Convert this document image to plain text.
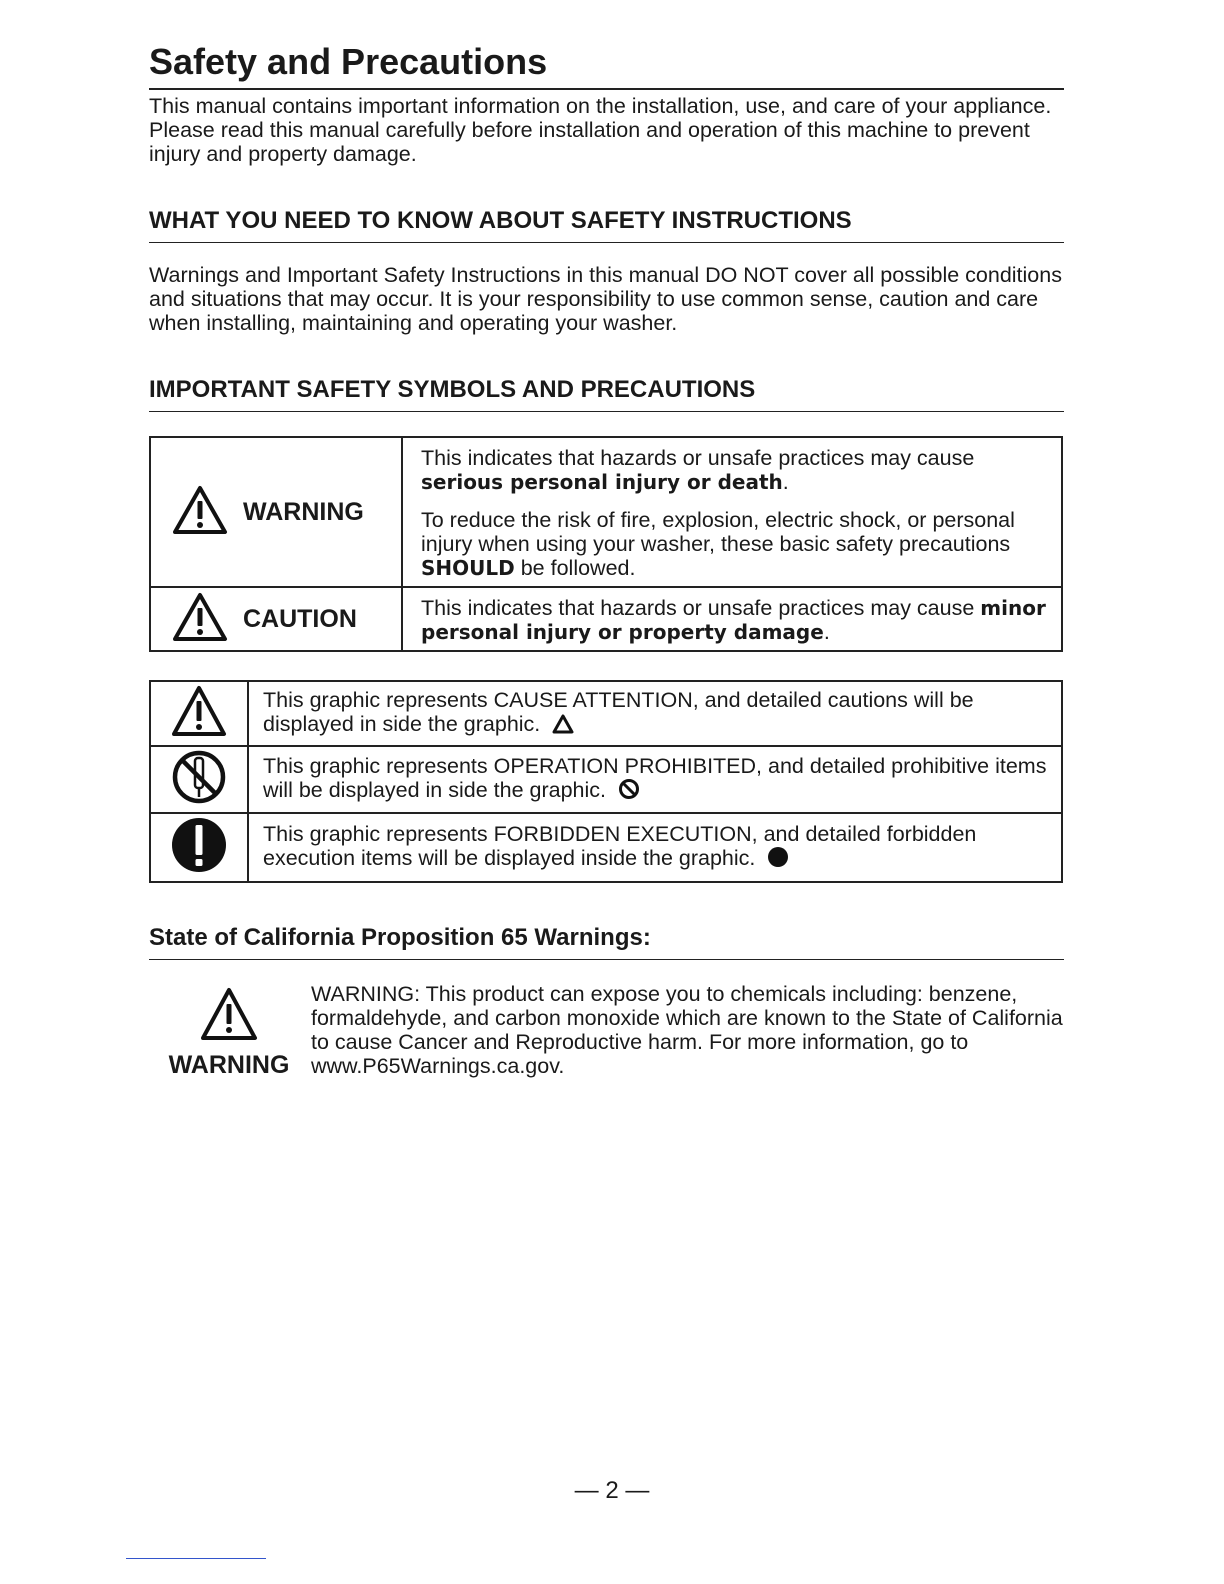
Safety and Precautions

This manual contains important information on the installation, use, and care of your appliance. Please read this manual carefully before installation and operation of this machine to prevent injury and property damage.

WHAT YOU NEED TO KNOW ABOUT SAFETY INSTRUCTIONS

Warnings and Important Safety Instructions in this manual DO NOT cover all possible conditions and situations that may occur. It is your responsibility to use common sense, caution and care when installing, maintaining and operating your washer.

IMPORTANT SAFETY SYMBOLS AND PRECAUTIONS
WARNING	This indicates that hazards or unsafe practices may cause serious personal injury or death.
To reduce the risk of fire, explosion, electric shock, or personal injury when using your washer, these basic safety precautions SHOULD be followed.

CAUTION	This indicates that hazards or unsafe practices may cause minor personal injury or property damage.
	This graphic represents CAUSE ATTENTION, and detailed cautions will be displayed in side the graphic.
	This graphic represents OPERATION PROHIBITED, and detailed prohibitive items will be displayed in side the graphic.
	This graphic represents FORBIDDEN EXECUTION, and detailed forbidden execution items will be displayed inside the graphic.
State of California Proposition 65 Warnings:
WARNING
WARNING: This product can expose you to chemicals including: benzene, formaldehyde, and carbon monoxide which are known to the State of California to cause Cancer and Reproductive harm. For more information, go to www.P65Warnings.ca.gov.
— 2 —
